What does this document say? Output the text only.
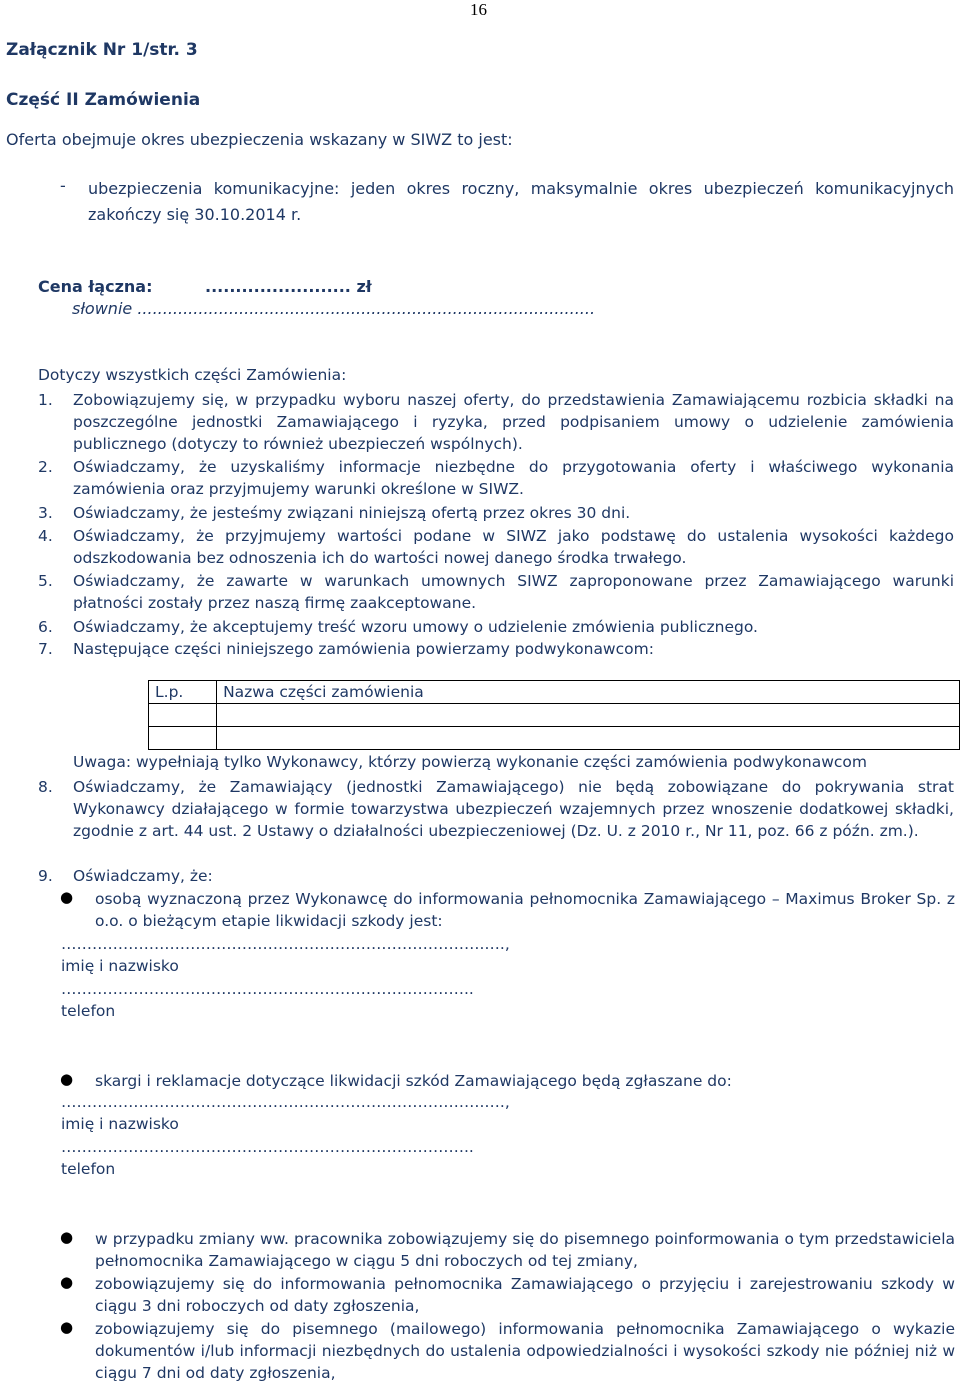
16
Załącznik Nr 1/str. 3
Część II Zamówienia
Oferta obejmuje okres ubezpieczenia wskazany w SIWZ to jest:
- ubezpieczenia komunikacyjne: jeden okres roczny, maksymalnie okres ubezpieczeń komunikacyjnych zakończy się 30.10.2014 r.
Cena łączna:	........................ zł
słownie ..........................................................................................
Dotyczy wszystkich części Zamówienia:
1. Zobowiązujemy się, w przypadku wyboru naszej oferty, do przedstawienia Zamawiającemu rozbicia składki na poszczególne jednostki Zamawiającego i ryzyka, przed podpisaniem umowy o udzielenie zamówienia publicznego (dotyczy to również ubezpieczeń wspólnych).
2. Oświadczamy, że uzyskaliśmy informacje niezbędne do przygotowania oferty i właściwego wykonania zamówienia oraz przyjmujemy warunki określone w SIWZ.
3. Oświadczamy, że jesteśmy związani niniejszą ofertą przez okres 30 dni.
4. Oświadczamy, że przyjmujemy wartości podane w SIWZ jako podstawę do ustalenia wysokości każdego odszkodowania bez odnoszenia ich do wartości nowej danego środka trwałego.
5. Oświadczamy, że zawarte w warunkach umownych SIWZ zaproponowane przez Zamawiającego warunki płatności zostały przez naszą firmę zaakceptowane.
6. Oświadczamy, że akceptujemy treść wzoru umowy o udzielenie zmówienia publicznego.
7. Następujące części niniejszego zamówienia powierzamy podwykonawcom:
L.p.	Nazwa części zamówienia

Uwaga: wypełniają tylko Wykonawcy, którzy powierzą wykonanie części zamówienia podwykonawcom
8. Oświadczamy, że Zamawiający (jednostki Zamawiającego) nie będą zobowiązane do pokrywania strat Wykonawcy działającego w formie towarzystwa ubezpieczeń wzajemnych przez wnoszenie dodatkowej składki, zgodnie z art. 44 ust. 2 Ustawy o działalności ubezpieczeniowej (Dz. U. z 2010 r., Nr 11, poz. 66 z późn. zm.).
9. Oświadczamy, że:
● osobą wyznaczoną przez Wykonawcę do informowania pełnomocnika Zamawiającego – Maximus Broker Sp. z o.o. o bieżącym etapie likwidacji szkody jest:
……………………………………………………………………….….,
imię i nazwisko
……………………………………………………………………..
telefon
● skargi i reklamacje dotyczące likwidacji szkód Zamawiającego będą zgłaszane do:
……………………………………………………………………….….,
imię i nazwisko
……………………………………………………………………..
telefon
● w przypadku zmiany ww. pracownika zobowiązujemy się do pisemnego poinformowania o tym przedstawiciela pełnomocnika Zamawiającego w ciągu 5 dni roboczych od tej zmiany,
● zobowiązujemy się do informowania pełnomocnika Zamawiającego o przyjęciu i zarejestrowaniu szkody w ciągu 3 dni roboczych od daty zgłoszenia,
● zobowiązujemy się do pisemnego (mailowego) informowania pełnomocnika Zamawiającego o wykazie dokumentów i/lub informacji niezbędnych do ustalenia odpowiedzialności i wysokości szkody nie później niż w ciągu 7 dni od daty zgłoszenia,
